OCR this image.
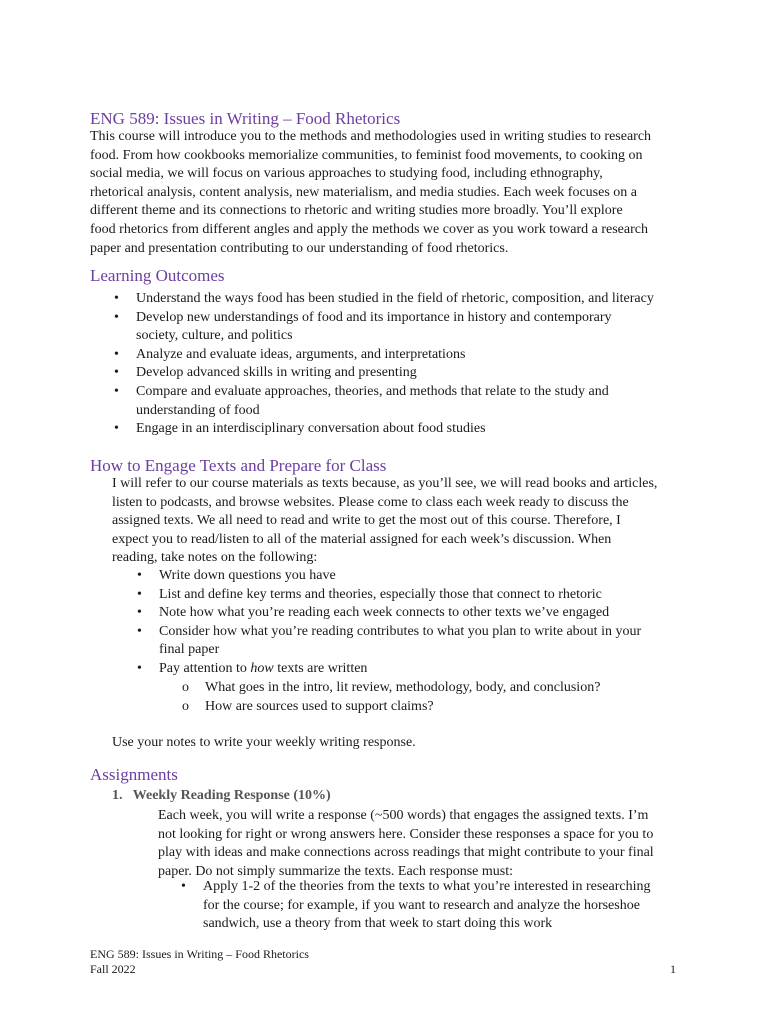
ENG 589: Issues in Writing – Food Rhetorics
This course will introduce you to the methods and methodologies used in writing studies to research
food. From how cookbooks memorialize communities, to feminist food movements, to cooking on
social media, we will focus on various approaches to studying food, including ethnography,
rhetorical analysis, content analysis, new materialism, and media studies. Each week focuses on a
different theme and its connections to rhetoric and writing studies more broadly. You’ll explore
food rhetorics from different angles and apply the methods we cover as you work toward a research
paper and presentation contributing to our understanding of food rhetorics.
Learning Outcomes
• Understand the ways food has been studied in the field of rhetoric, composition, and literacy
• Develop new understandings of food and its importance in history and contemporary
society, culture, and politics
• Analyze and evaluate ideas, arguments, and interpretations
• Develop advanced skills in writing and presenting
• Compare and evaluate approaches, theories, and methods that relate to the study and
understanding of food
• Engage in an interdisciplinary conversation about food studies
How to Engage Texts and Prepare for Class
I will refer to our course materials as texts because, as you’ll see, we will read books and articles,
listen to podcasts, and browse websites. Please come to class each week ready to discuss the
assigned texts. We all need to read and write to get the most out of this course. Therefore, I
expect you to read/listen to all of the material assigned for each week’s discussion. When
reading, take notes on the following:
• Write down questions you have
• List and define key terms and theories, especially those that connect to rhetoric
• Note how what you’re reading each week connects to other texts we’ve engaged
• Consider how what you’re reading contributes to what you plan to write about in your
final paper
• Pay attention to how texts are written
o What goes in the intro, lit review, methodology, body, and conclusion?
o How are sources used to support claims?

Use your notes to write your weekly writing response.

Assignments
1. Weekly Reading Response (10%)
Each week, you will write a response (~500 words) that engages the assigned texts. I’m
not looking for right or wrong answers here. Consider these responses a space for you to
play with ideas and make connections across readings that might contribute to your final
paper. Do not simply summarize the texts. Each response must:
• Apply 1-2 of the theories from the texts to what you’re interested in researching
for the course; for example, if you want to research and analyze the horseshoe
sandwich, use a theory from that week to start doing this work
ENG 589: Issues in Writing – Food Rhetorics
Fall 2022	1
